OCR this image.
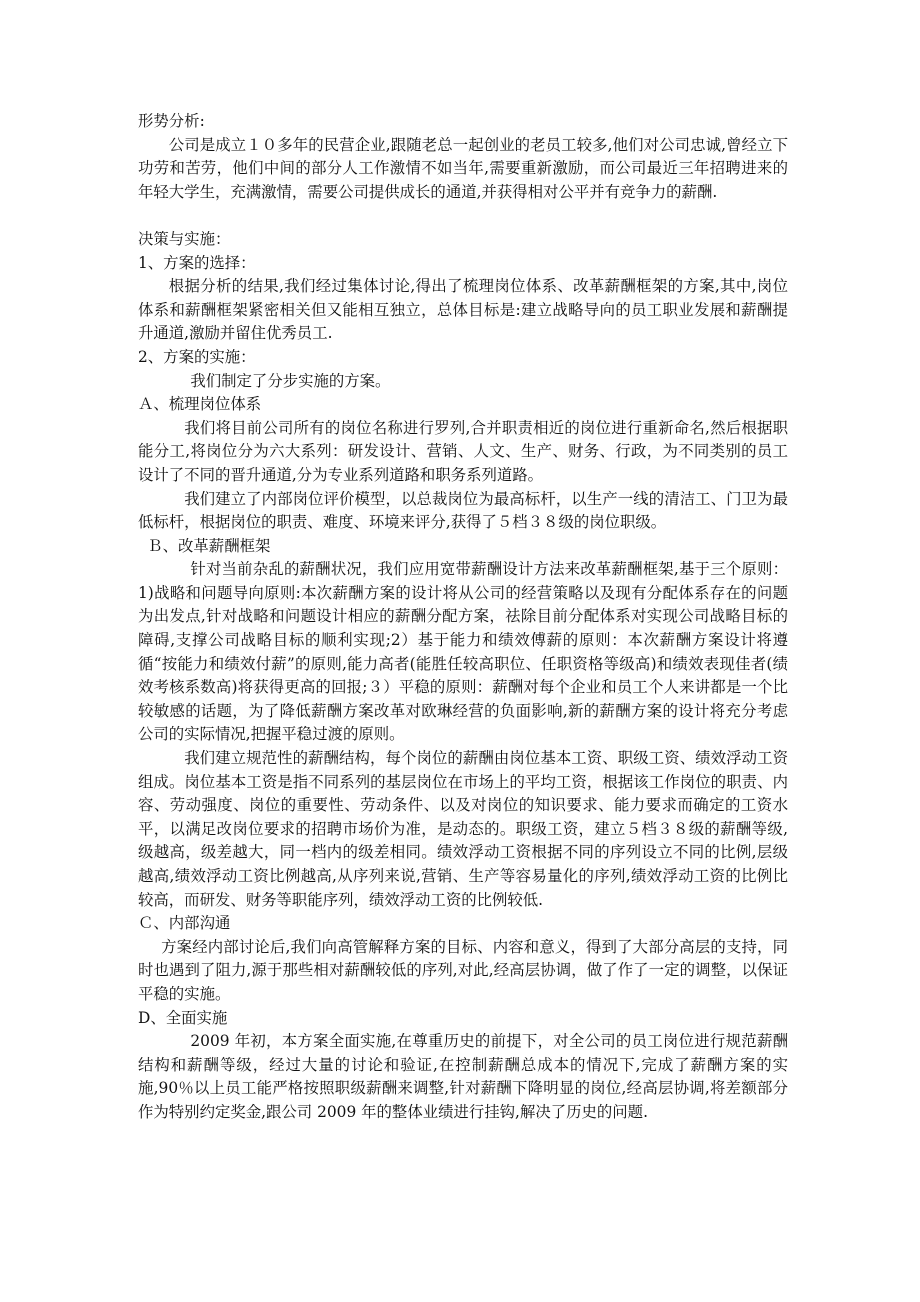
形势分析:

公司是成立１０多年的民营企业,跟随老总一起创业的老员工较多,他们对公司忠诚,曾经立下功劳和苦劳，他们中间的部分人工作激情不如当年,需要重新激励，而公司最近三年招聘进来的年轻大学生，充满激情，需要公司提供成长的通道,并获得相对公平并有竞争力的薪酬.

决策与实施：

1、方案的选择：

根据分析的结果,我们经过集体讨论,得出了梳理岗位体系、改革薪酬框架的方案,其中,岗位体系和薪酬框架紧密相关但又能相互独立，总体目标是:建立战略导向的员工职业发展和薪酬提升通道,激励并留住优秀员工.

2、方案的实施：

我们制定了分步实施的方案。

Ａ、梳理岗位体系

我们将目前公司所有的岗位名称进行罗列,合并职责相近的岗位进行重新命名,然后根据职能分工,将岗位分为六大系列：研发设计、营销、人文、生产、财务、行政，为不同类别的员工设计了不同的晋升通道,分为专业系列道路和职务系列道路。

我们建立了内部岗位评价模型，以总裁岗位为最高标杆，以生产一线的清洁工、门卫为最低标杆，根据岗位的职责、难度、环境来评分,获得了５档３８级的岗位职级。

Ｂ、改革薪酬框架

针对当前杂乱的薪酬状况，我们应用宽带薪酬设计方法来改革薪酬框架,基于三个原则：1)战略和问题导向原则:本次薪酬方案的设计将从公司的经营策略以及现有分配体系存在的问题为出发点,针对战略和问题设计相应的薪酬分配方案，祛除目前分配体系对实现公司战略目标的障碍,支撑公司战略目标的顺利实现;2）基于能力和绩效傅薪的原则：本次薪酬方案设计将遵循“按能力和绩效付薪”的原则,能力高者(能胜任较高职位、任职资格等级高)和绩效表现佳者(绩效考核系数高)将获得更高的回报;３）平稳的原则：薪酬对每个企业和员工个人来讲都是一个比较敏感的话题，为了降低薪酬方案改革对欧琳经营的负面影响,新的薪酬方案的设计将充分考虑公司的实际情况,把握平稳过渡的原则。

我们建立规范性的薪酬结构，每个岗位的薪酬由岗位基本工资、职级工资、绩效浮动工资组成。岗位基本工资是指不同系列的基层岗位在市场上的平均工资，根据该工作岗位的职责、内容、劳动强度、岗位的重要性、劳动条件、以及对岗位的知识要求、能力要求而确定的工资水平，以满足改岗位要求的招聘市场价为准，是动态的。职级工资，建立５档３８级的薪酬等级,级越高，级差越大，同一档内的级差相同。绩效浮动工资根据不同的序列设立不同的比例,层级越高,绩效浮动工资比例越高,从序列来说,营销、生产等容易量化的序列,绩效浮动工资的比例比较高，而研发、财务等职能序列，绩效浮动工资的比例较低.

Ｃ、内部沟通

方案经内部讨论后,我们向高管解释方案的目标、内容和意义，得到了大部分高层的支持，同时也遇到了阻力,源于那些相对薪酬较低的序列,对此,经高层协调，做了作了一定的调整，以保证平稳的实施。

D、全面实施

2009 年初，本方案全面实施,在尊重历史的前提下，对全公司的员工岗位进行规范薪酬结构和薪酬等级，经过大量的讨论和验证,在控制薪酬总成本的情况下,完成了薪酬方案的实施,90％以上员工能严格按照职级薪酬来调整,针对薪酬下降明显的岗位,经高层协调,将差额部分作为特别约定奖金,跟公司 2009 年的整体业绩进行挂钩,解决了历史的问题.
